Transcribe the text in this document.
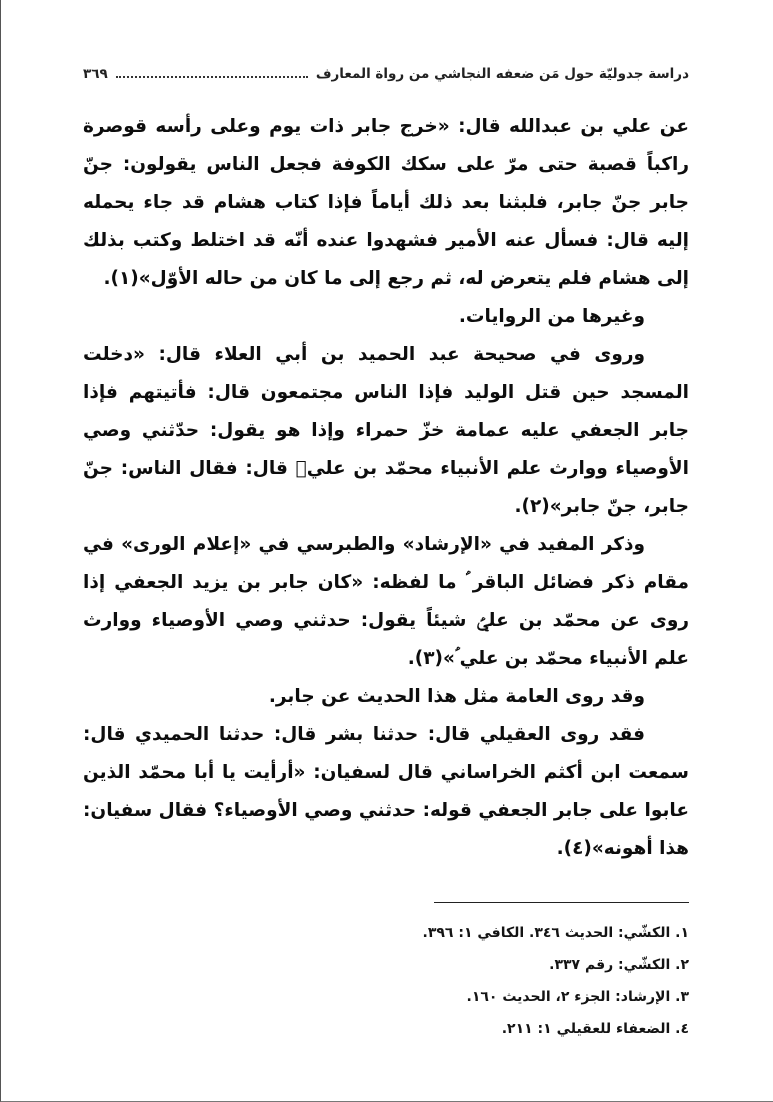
دراسة جدوليّة حول مَن ضعفه النجاشي من رواة المعارف
٣٦٩

عن علي بن عبدالله قال: «خرج جابر ذات يوم وعلى رأسه قوصرة راكباً قصبة حتى مرّ على سكك الكوفة فجعل الناس يقولون: جنّ جابر جنّ جابر، فلبثنا بعد ذلك أياماً فإذا كتاب هشام قد جاء يحمله إليه قال: فسأل عنه الأمير فشهدوا عنده أنّه قد اختلط وكتب بذلك إلى هشام فلم يتعرض له، ثم رجع إلى ما كان من حاله الأوّل»(١).

وغيرها من الروايات.

وروى في صحيحة عبد الحميد بن أبي العلاء قال: «دخلت المسجد حين قتل الوليد فإذا الناس مجتمعون قال: فأتيتهم فإذا جابر الجعفي عليه عمامة خزّ حمراء وإذا هو يقول: حدّثني وصي الأوصياء ووارث علم الأنبياء محمّد بن عليؑ قال: فقال الناس: جنّ جابر، جنّ جابر»(٢).

وذكر المفيد في «الإرشاد» والطبرسي في «إعلام الورى» في مقام ذكر فضائل الباقر ؑ ما لفظه: «كان جابر بن يزيد الجعفي إذا روى عن محمّد بن عليؑ شيئاً يقول: حدثني وصي الأوصياء ووارث علم الأنبياء محمّد بن علي ؑ»(٣).

وقد روى العامة مثل هذا الحديث عن جابر.

فقد روى العقيلي قال: حدثنا بشر قال: حدثنا الحميدي قال: سمعت ابن أكثم الخراساني قال لسفيان: «أرأيت يا أبا محمّد الذين عابوا على جابر الجعفي قوله: حدثني وصي الأوصياء؟ فقال سفيان: هذا أهونه»(٤).

١. الكشّي: الحديث ٣٤٦. الكافي ١: ٣٩٦.

٢. الكشّي: رقم ٣٣٧.

٣. الإرشاد: الجزء ٢، الحديث ١٦٠.

٤. الضعفاء للعقيلي ١: ٢١١.
